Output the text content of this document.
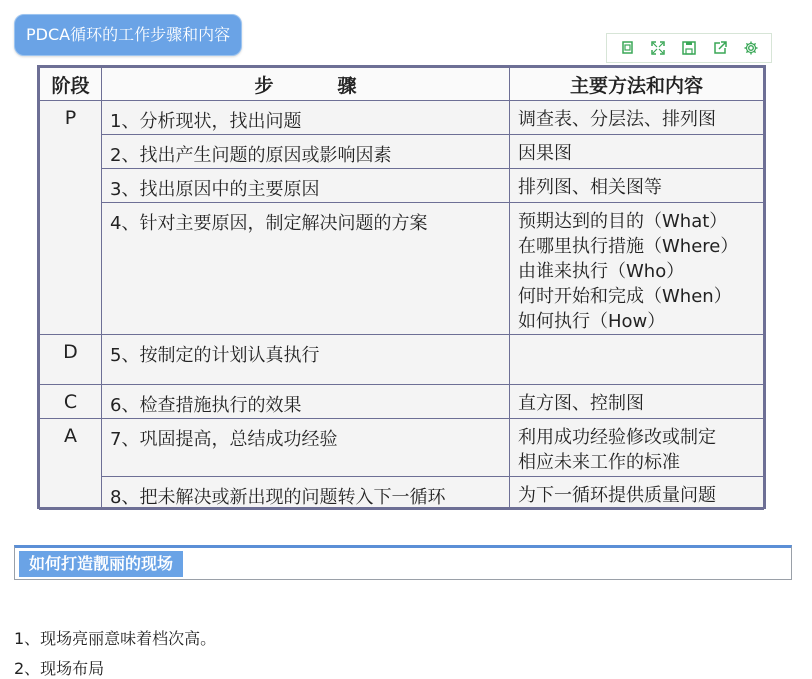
PDCA循环的工作步骤和内容
阶段	步骤	主要方法和内容
P	1、分析现状，找出问题	调查表、分层法、排列图

	2、找出产生问题的原因或影响因素	因果图

	3、找出原因中的主要原因	排列图、相关图等

	4、针对主要原因，制定解决问题的方案	预期达到的目的（What）
在哪里执行措施（Where）
由谁来执行（Who）
何时开始和完成（When）
如何执行（How）

D	5、按制定的计划认真执行	

C	6、检查措施执行的效果	直方图、控制图

A	7、巩固提高，总结成功经验	利用成功经验修改或制定
相应未来工作的标准

	8、把未解决或新出现的问题转入下一循环	为下一循环提供质量问题
如何打造靓丽的现场
1、现场亮丽意味着档次高。
2、现场布局
